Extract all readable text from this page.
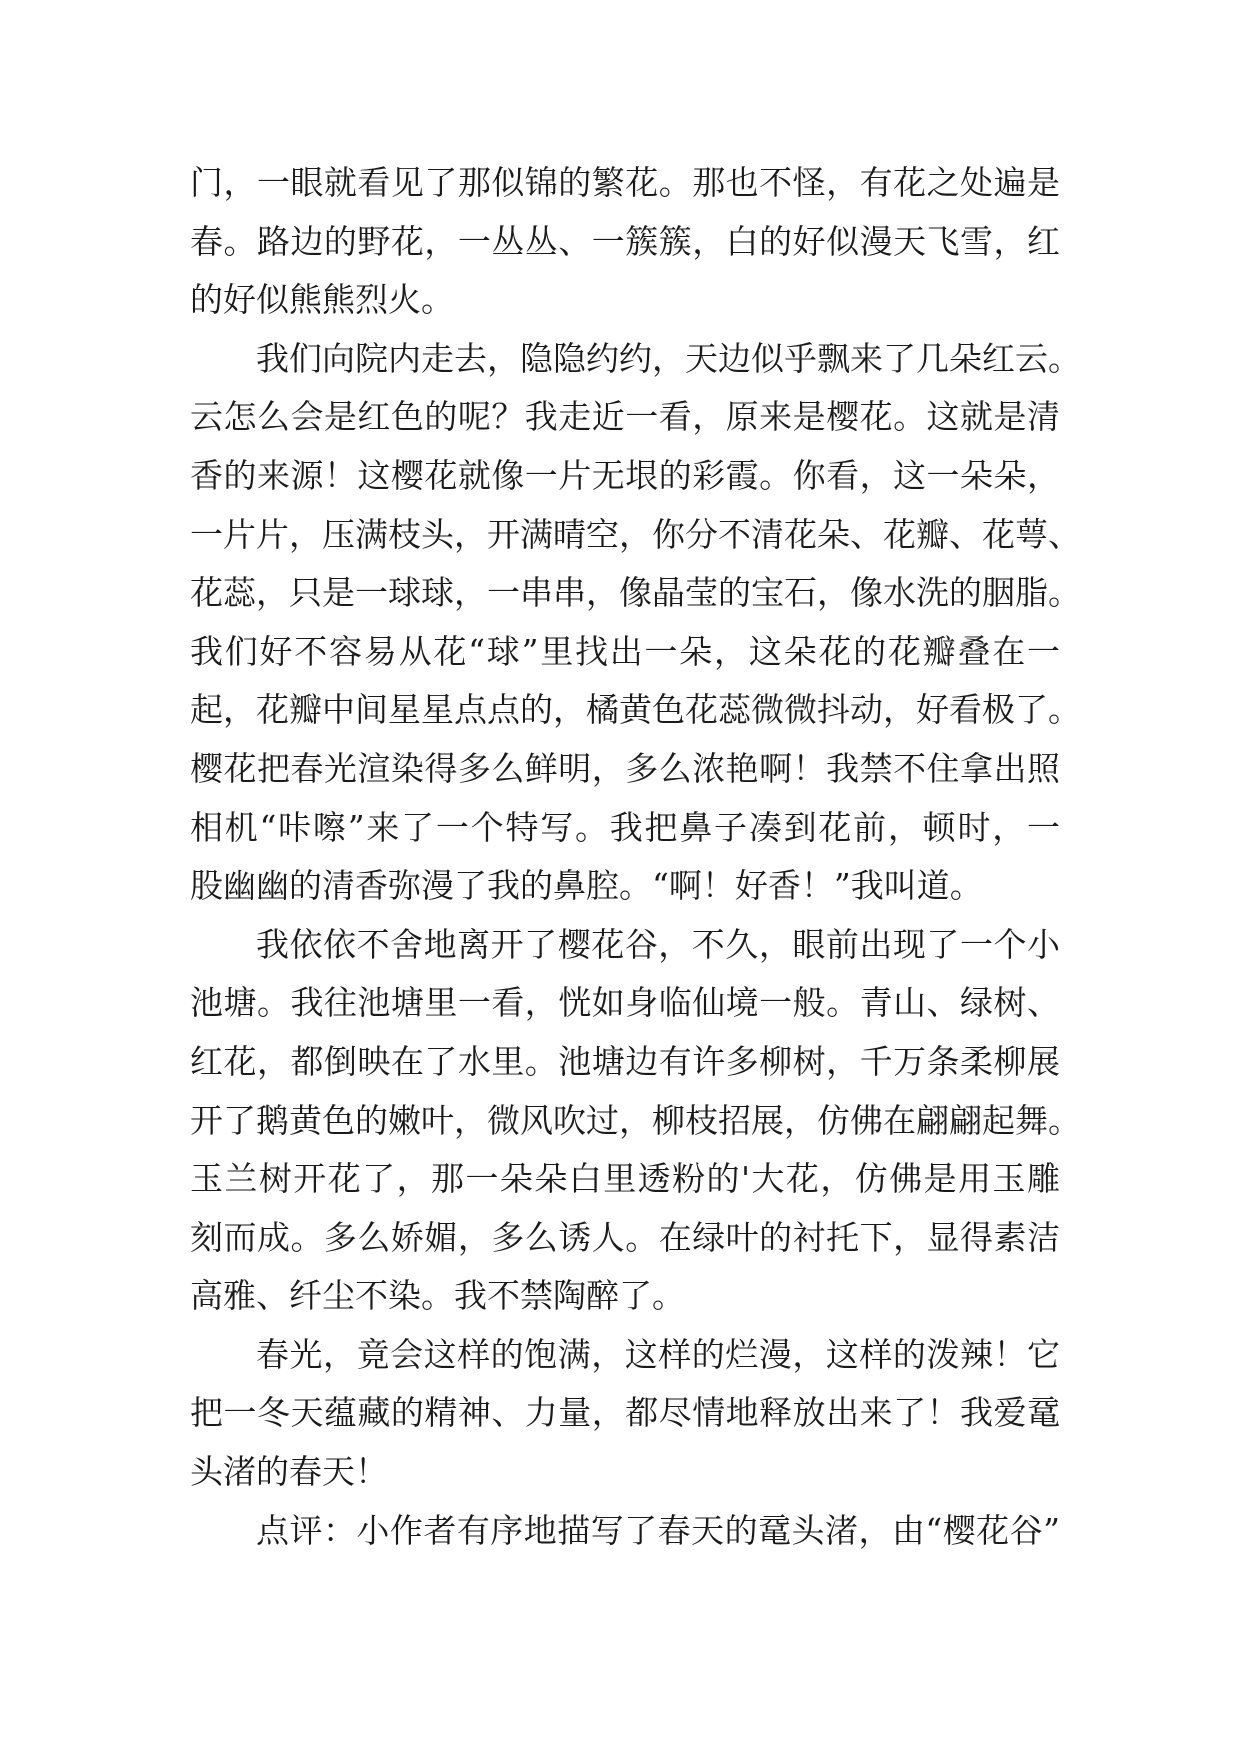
门，一眼就看见了那似锦的繁花。那也不怪，有花之处遍是
春。路边的野花，一丛丛、一簇簇，白的好似漫天飞雪，红
的好似熊熊烈火。
我们向院内走去，隐隐约约，天边似乎飘来了几朵红云。
云怎么会是红色的呢？我走近一看，原来是樱花。这就是清
香的来源！这樱花就像一片无垠的彩霞。你看，这一朵朵，
一片片，压满枝头，开满晴空，你分不清花朵、花瓣、花萼、
花蕊，只是一球球，一串串，像晶莹的宝石，像水洗的胭脂。
我们好不容易从花“球”里找出一朵，这朵花的花瓣叠在一
起，花瓣中间星星点点的，橘黄色花蕊微微抖动，好看极了。
樱花把春光渲染得多么鲜明，多么浓艳啊！我禁不住拿出照
相机“咔嚓”来了一个特写。我把鼻子凑到花前，顿时，一
股幽幽的清香弥漫了我的鼻腔。“啊！好香！”我叫道。
我依依不舍地离开了樱花谷，不久，眼前出现了一个小
池塘。我往池塘里一看，恍如身临仙境一般。青山、绿树、
红花，都倒映在了水里。池塘边有许多柳树，千万条柔柳展
开了鹅黄色的嫩叶，微风吹过，柳枝招展，仿佛在翩翩起舞。
玉兰树开花了，那一朵朵白里透粉的'大花，仿佛是用玉雕
刻而成。多么娇媚，多么诱人。在绿叶的衬托下，显得素洁
高雅、纤尘不染。我不禁陶醉了。
春光，竟会这样的饱满，这样的烂漫，这样的泼辣！它
把一冬天蕴藏的精神、力量，都尽情地释放出来了！我爱鼋
头渚的春天！
点评：小作者有序地描写了春天的鼋头渚，由“樱花谷”
